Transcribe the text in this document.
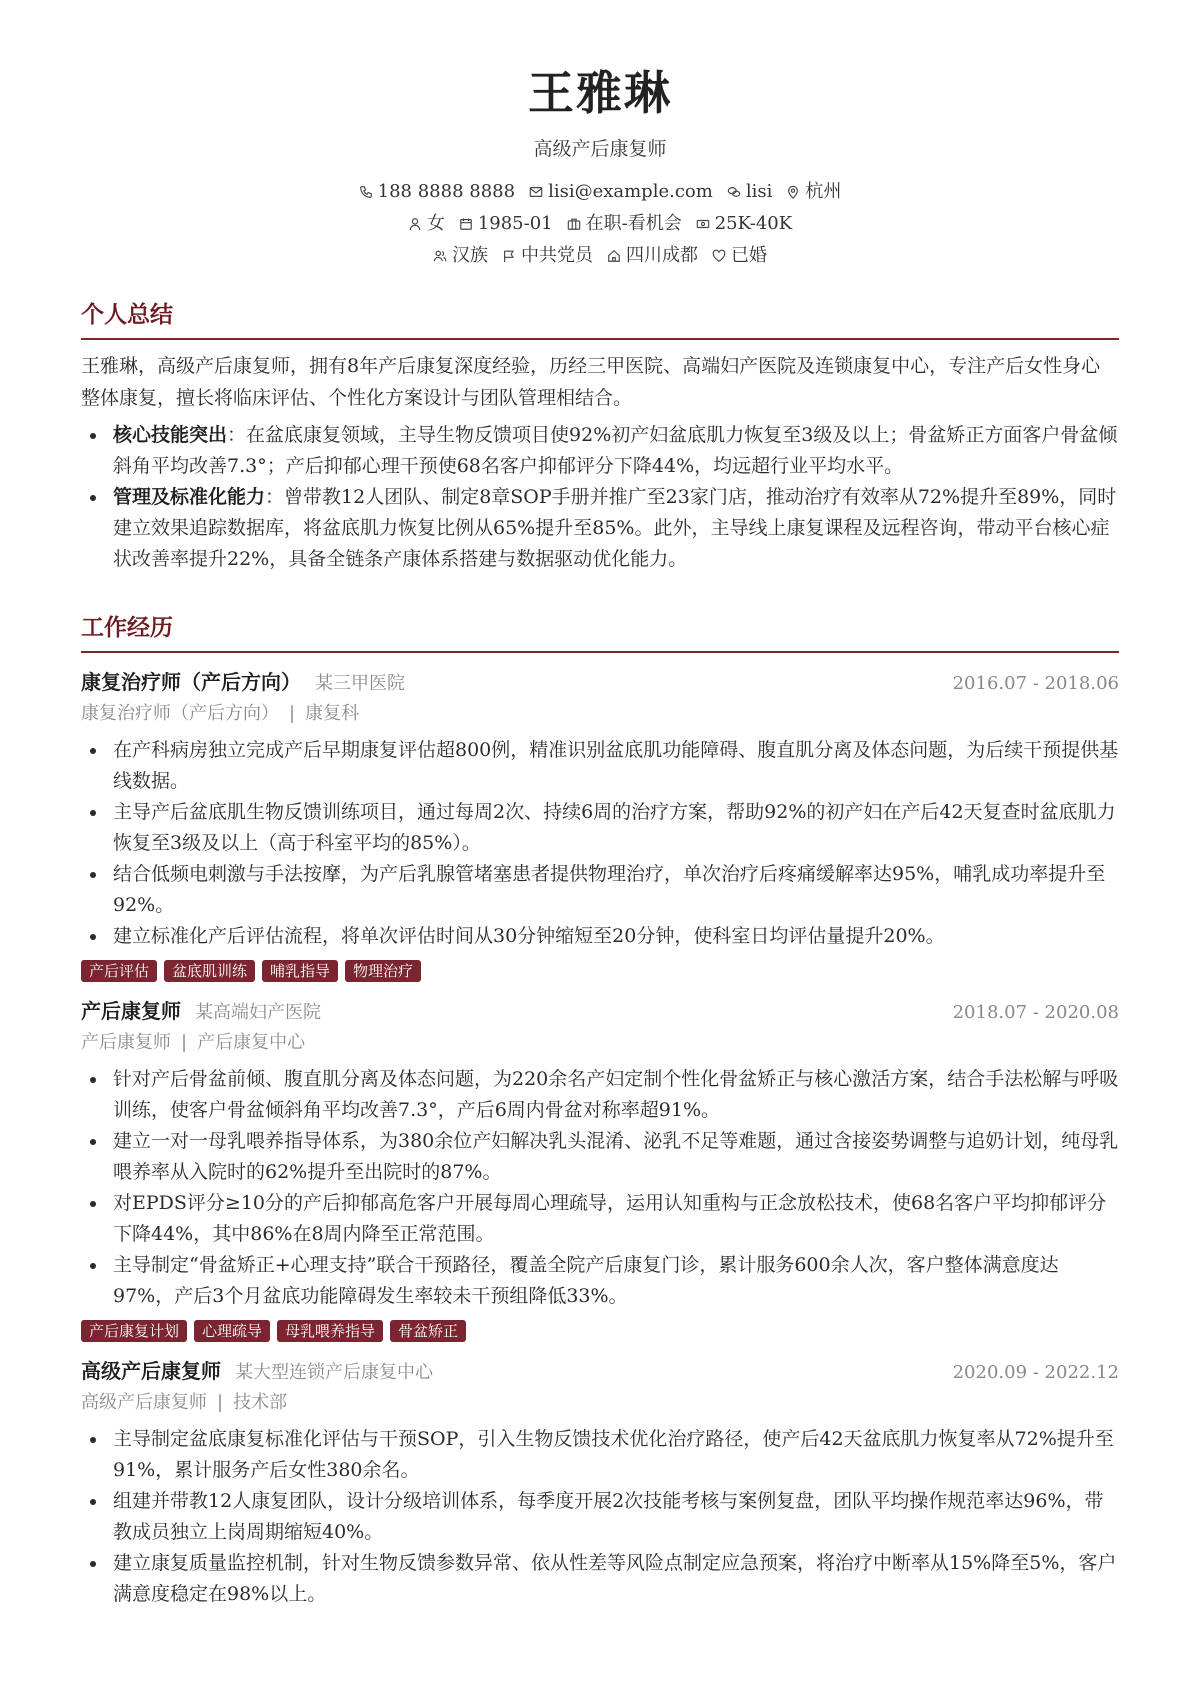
王雅琳
高级产后康复师
188 8888 8888 lisi@example.com lisi 杭州
女 1985-01 在职-看机会 25K-40K
汉族 中共党员 四川成都 已婚
个人总结
王雅琳，高级产后康复师，拥有8年产后康复深度经验，历经三甲医院、高端妇产医院及连锁康复中心，专注产后女性身心整体康复，擅长将临床评估、个性化方案设计与团队管理相结合。
核心技能突出：在盆底康复领域，主导生物反馈项目使92%初产妇盆底肌力恢复至3级及以上；骨盆矫正方面客户骨盆倾斜角平均改善7.3°；产后抑郁心理干预使68名客户抑郁评分下降44%，均远超行业平均水平。
管理及标准化能力：曾带教12人团队、制定8章SOP手册并推广至23家门店，推动治疗有效率从72%提升至89%，同时建立效果追踪数据库，将盆底肌力恢复比例从65%提升至85%。此外，主导线上康复课程及远程咨询，带动平台核心症状改善率提升22%，具备全链条产康体系搭建与数据驱动优化能力。
工作经历
康复治疗师（产后方向） 某三甲医院	2016.07 - 2018.06
康复治疗师（产后方向） | 康复科
在产科病房独立完成产后早期康复评估超800例，精准识别盆底肌功能障碍、腹直肌分离及体态问题，为后续干预提供基线数据。
主导产后盆底肌生物反馈训练项目，通过每周2次、持续6周的治疗方案，帮助92%的初产妇在产后42天复查时盆底肌力恢复至3级及以上（高于科室平均的85%）。
结合低频电刺激与手法按摩，为产后乳腺管堵塞患者提供物理治疗，单次治疗后疼痛缓解率达95%，哺乳成功率提升至92%。
建立标准化产后评估流程，将单次评估时间从30分钟缩短至20分钟，使科室日均评估量提升20%。
产后评估	盆底肌训练	哺乳指导	物理治疗
产后康复师 某高端妇产医院	2018.07 - 2020.08
产后康复师 | 产后康复中心
针对产后骨盆前倾、腹直肌分离及体态问题，为220余名产妇定制个性化骨盆矫正与核心激活方案，结合手法松解与呼吸训练，使客户骨盆倾斜角平均改善7.3°，产后6周内骨盆对称率超91%。
建立一对一母乳喂养指导体系，为380余位产妇解决乳头混淆、泌乳不足等难题，通过含接姿势调整与追奶计划，纯母乳喂养率从入院时的62%提升至出院时的87%。
对EPDS评分≥10分的产后抑郁高危客户开展每周心理疏导，运用认知重构与正念放松技术，使68名客户平均抑郁评分下降44%，其中86%在8周内降至正常范围。
主导制定“骨盆矫正+心理支持”联合干预路径，覆盖全院产后康复门诊，累计服务600余人次，客户整体满意度达97%，产后3个月盆底功能障碍发生率较未干预组降低33%。
产后康复计划	心理疏导	母乳喂养指导	骨盆矫正
高级产后康复师 某大型连锁产后康复中心	2020.09 - 2022.12
高级产后康复师 | 技术部
主导制定盆底康复标准化评估与干预SOP，引入生物反馈技术优化治疗路径，使产后42天盆底肌力恢复率从72%提升至91%，累计服务产后女性380余名。
组建并带教12人康复团队，设计分级培训体系，每季度开展2次技能考核与案例复盘，团队平均操作规范率达96%，带教成员独立上岗周期缩短40%。
建立康复质量监控机制，针对生物反馈参数异常、依从性差等风险点制定应急预案，将治疗中断率从15%降至5%，客户满意度稳定在98%以上。
